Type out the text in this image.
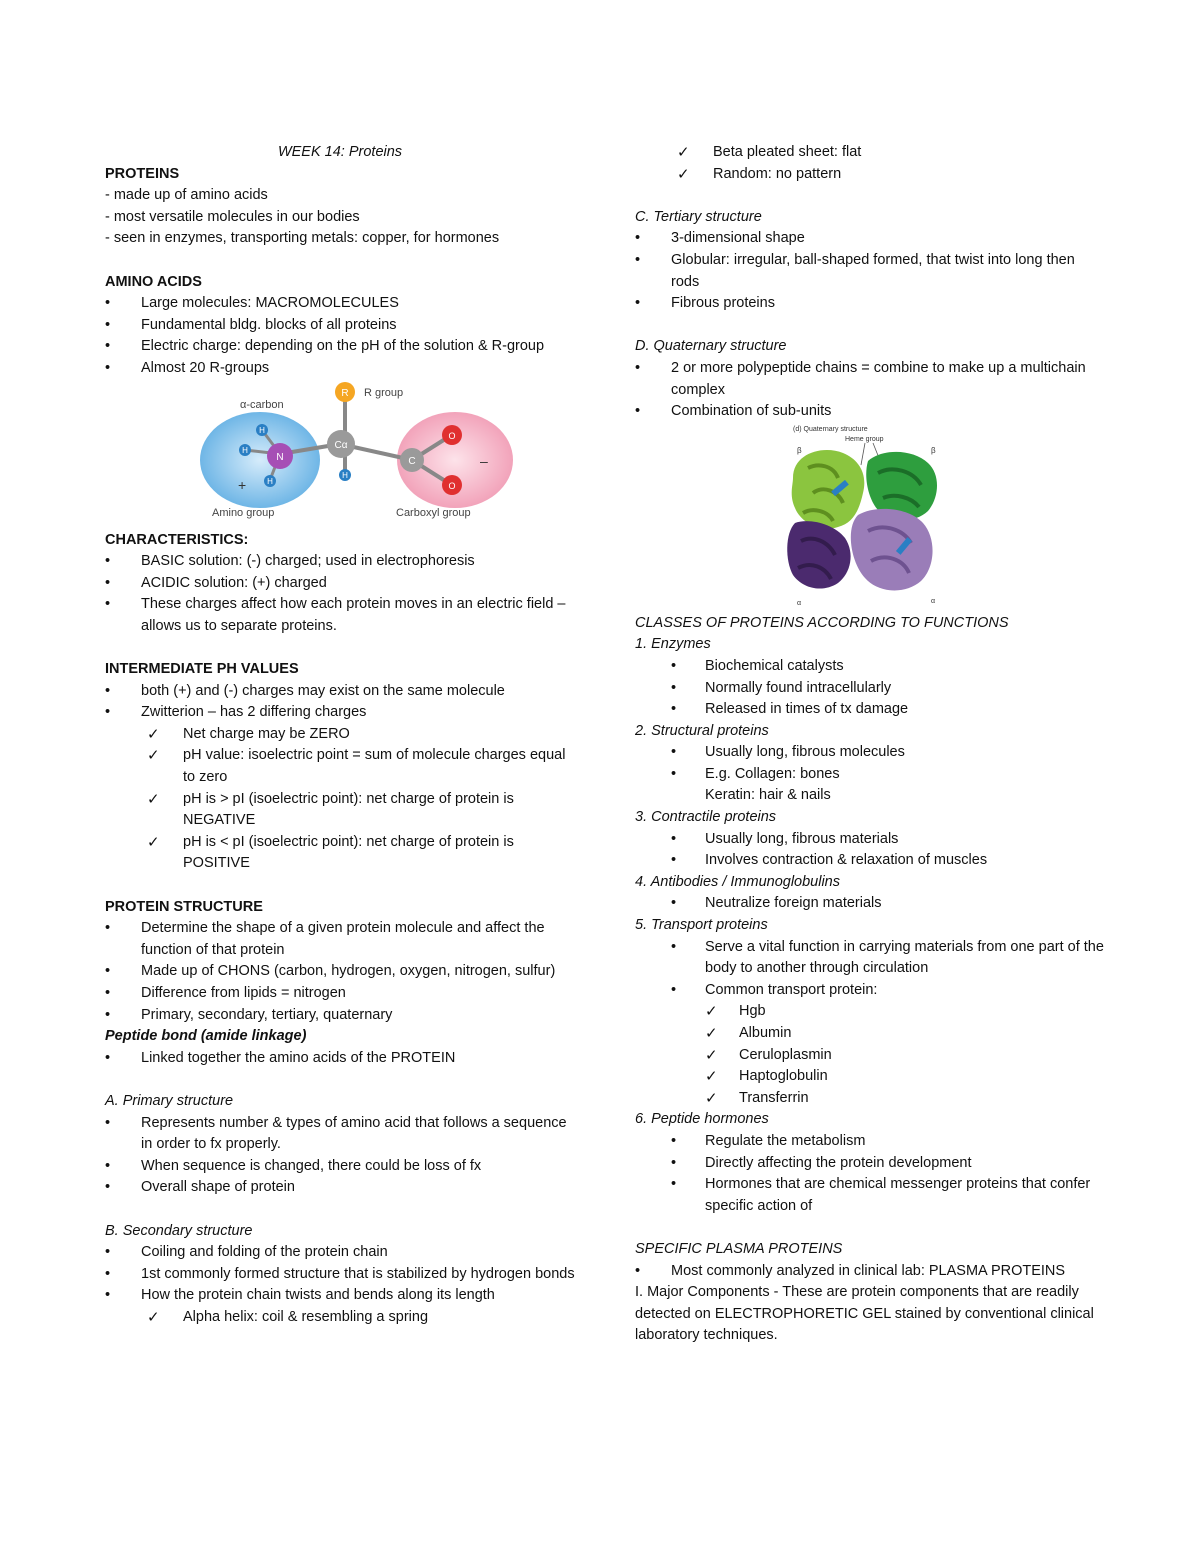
WEEK 14: Proteins
PROTEINS
- made up of amino acids
- most versatile molecules in our bodies
- seen in enzymes, transporting metals: copper, for hormones
AMINO ACIDS
•	Large molecules: MACROMOLECULES
•	Fundamental bldg. blocks of all proteins
•	Electric charge: depending on the pH of the solution & R-group
•	Almost 20 R-groups
R R group
α-carbon
Cα
N
H
H
H
H
+
C
O
O
–
Amino group	Carboxyl group
CHARACTERISTICS:
•	BASIC solution: (-) charged; used in electrophoresis
•	ACIDIC solution: (+) charged
•	These charges affect how each protein moves in an electric field – allows us to separate proteins.
INTERMEDIATE PH VALUES
•	both (+) and (-) charges may exist on the same molecule
•	Zwitterion – has 2 differing charges
✓	Net charge may be ZERO
✓	pH value: isoelectric point = sum of molecule charges equal to zero
✓	pH is > pI (isoelectric point): net charge of protein is NEGATIVE
✓	pH is < pI (isoelectric point): net charge of protein is POSITIVE
PROTEIN STRUCTURE
•	Determine the shape of a given protein molecule and affect the function of that protein
•	Made up of CHONS (carbon, hydrogen, oxygen, nitrogen, sulfur)
•	Difference from lipids = nitrogen
•	Primary, secondary, tertiary, quaternary
Peptide bond (amide linkage)
•	Linked together the amino acids of the PROTEIN
A. Primary structure
•	Represents number & types of amino acid that follows a sequence in order to fx properly.
•	When sequence is changed, there could be loss of fx
•	Overall shape of protein
B. Secondary structure
•	Coiling and folding of the protein chain
•	1st commonly formed structure that is stabilized by hydrogen bonds
•	How the protein chain twists and bends along its length
✓	Alpha helix: coil & resembling a spring
✓	Beta pleated sheet: flat
✓	Random: no pattern
C. Tertiary structure
•	3-dimensional shape
•	Globular: irregular, ball-shaped formed, that twist into long then rods
•	Fibrous proteins
D. Quaternary structure
•	2 or more polypeptide chains = combine to make up a multichain complex
•	Combination of sub-units
(d) Quaternary structure
Heme group
β	β
α	α
CLASSES OF PROTEINS ACCORDING TO FUNCTIONS
1. Enzymes
•	Biochemical catalysts
•	Normally found intracellularly
•	Released in times of tx damage
2. Structural proteins
•	Usually long, fibrous molecules
•	E.g. Collagen: bones
Keratin: hair & nails
3. Contractile proteins
•	Usually long, fibrous materials
•	Involves contraction & relaxation of muscles
4. Antibodies / Immunoglobulins
•	Neutralize foreign materials
5. Transport proteins
•	Serve a vital function in carrying materials from one part of the body to another through circulation
•	Common transport protein:
✓	Hgb
✓	Albumin
✓	Ceruloplasmin
✓	Haptoglobulin
✓	Transferrin
6. Peptide hormones
•	Regulate the metabolism
•	Directly affecting the protein development
•	Hormones that are chemical messenger proteins that confer specific action of
SPECIFIC PLASMA PROTEINS
•	Most commonly analyzed in clinical lab: PLASMA PROTEINS
I. Major Components - These are protein components that are readily detected on ELECTROPHORETIC GEL stained by conventional clinical laboratory techniques.
